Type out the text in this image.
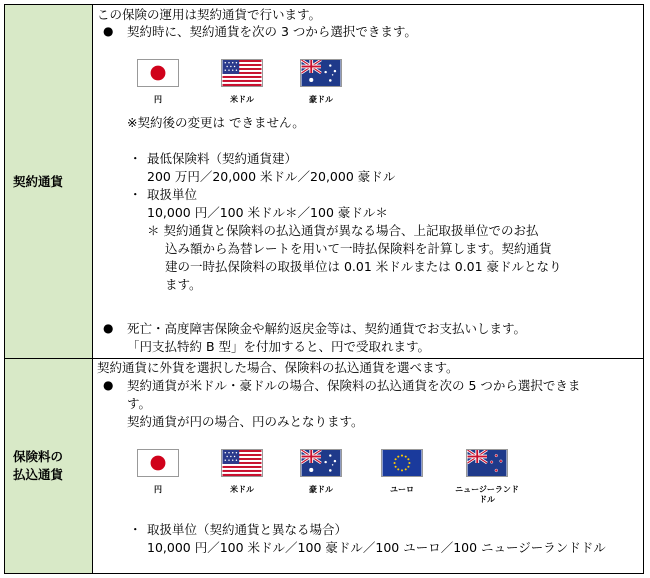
契約通貨
この保険の運用は契約通貨で行います。
● 契約時に、契約通貨を次の 3 つから選択できます。
円	米ドル	豪ドル
※契約後の変更は できません。
・ 最低保険料（契約通貨建）
200 万円／20,000 米ドル／20,000 豪ドル
・ 取扱単位
10,000 円／100 米ドル＊／100 豪ドル＊
＊ 契約通貨と保険料の払込通貨が異なる場合、上記取扱単位でのお払
込み額から為替レートを用いて一時払保険料を計算します。契約通貨
建の一時払保険料の取扱単位は 0.01 米ドルまたは 0.01 豪ドルとなり
ます。
● 死亡・高度障害保険金や解約返戻金等は、契約通貨でお支払いします。
「円支払特約 B 型」を付加すると、円で受取れます。
保険料の
払込通貨
契約通貨に外貨を選択した場合、保険料の払込通貨を選べます。
● 契約通貨が米ドル・豪ドルの場合、保険料の払込通貨を次の 5 つから選択できま
す。
契約通貨が円の場合、円のみとなります。
円	米ドル	豪ドル	ユーロ	ニュージーランド
ドル
・ 取扱単位（契約通貨と異なる場合）
10,000 円／100 米ドル／100 豪ドル／100 ユーロ／100 ニュージーランドドル
